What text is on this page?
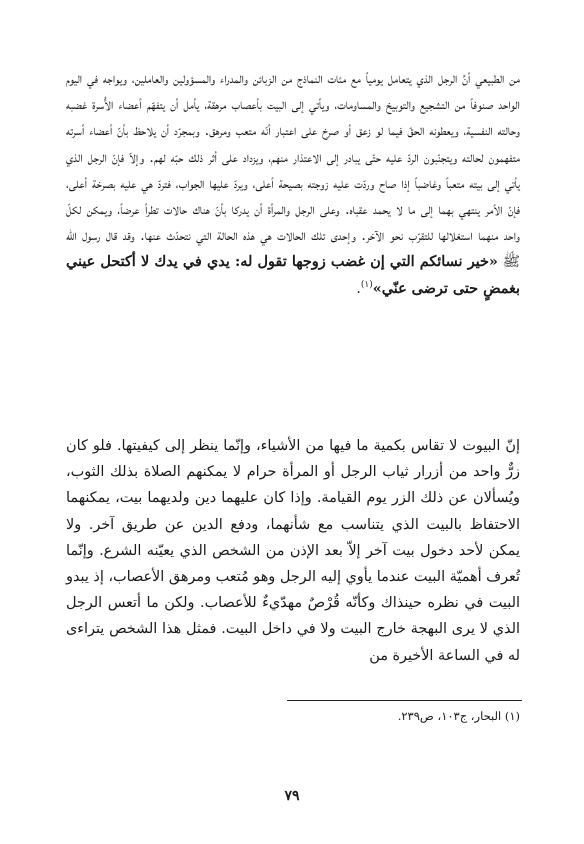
من الطبيعي أنَّ الرجل الذي يتعامل يومياً مع مئات النماذج من الزبائن والمدراء والمسؤولين والعاملين، ويواجه في اليوم الواحد صنوفاً من التشجيع والتوبيخ والمساومات، ويأتي إلى البيت بأعصاب مرهقة، يأمل أن يتفهّم أعضاء الأُسرة غضبه وحالته النفسية، ويعطونه الحقّ فيما لو زعق أو صرخ على اعتبار أنّه متعب ومرهق. وبمجرّد أن يلاحظ بأنّ أعضاء أسرته متفهمون لحالته ويتجنّبون الردّ عليه حتّى يبادر إلى الاعتذار منهم، ويزداد على أثر ذلك حبّه لهم. وإلاّ فإنّ الرجل الذي يأتي إلى بيته متعباً وغاضباً إذا صاح وردّت عليه زوجته بصيحة أعلى، ويردّ عليها الجواب، فتردّ هي عليه بصرخة أعلى، فإنّ الأمر ينتهي بهما إلى ما لا يحمد عقباه. وعلى الرجل والمرأة أن يدركا بأنّ هناك حالات تطرأ عرضاً، ويمكن لكلّ واحد منهما استغلالها للتقرّب نحو الآخر. وإحدى تلك الحالات هي هذه الحالة التي نتحدّث عنها. وقد قال رسول الله ﷺ «خير نسائكم التي إن غضب زوجها تقول له: يدي في يدك لا أكتحل عيني بغمضٍ حتى ترضى عنّي»$^{(١)}$.

إنّ البيوت لا تقاس بكمية ما فيها من الأشياء، وإنّما ينظر إلى كيفيتها. فلو كان زرٌّ واحد من أزرار ثياب الرجل أو المرأة حرام لا يمكنهم الصلاة بذلك الثوب، ويُسألان عن ذلك الزر يوم القيامة. وإذا كان عليهما دين ولديهما بيت، يمكنهما الاحتفاظ بالبيت الذي يتناسب مع شأنهما، ودفع الدين عن طريق آخر. ولا يمكن لأحد دخول بيت آخر إلاّ بعد الإذن من الشخص الذي يعيّنه الشرع. وإنّما تُعرف أهميّة البيت عندما يأوي إليه الرجل وهو مُتعب ومرهق الأعصاب، إذ يبدو البيت في نظره حينذاك وكأنّه قُرْصٌ مهدّيءٌ للأعصاب. ولكن ما أتعس الرجل الذي لا يرى البهجة خارج البيت ولا في داخل البيت. فمثل هذا الشخص يتراءى له في الساعة الأخيرة من

(١) البحار، ج١٠٣، ص٢٣٩.
٧٩
